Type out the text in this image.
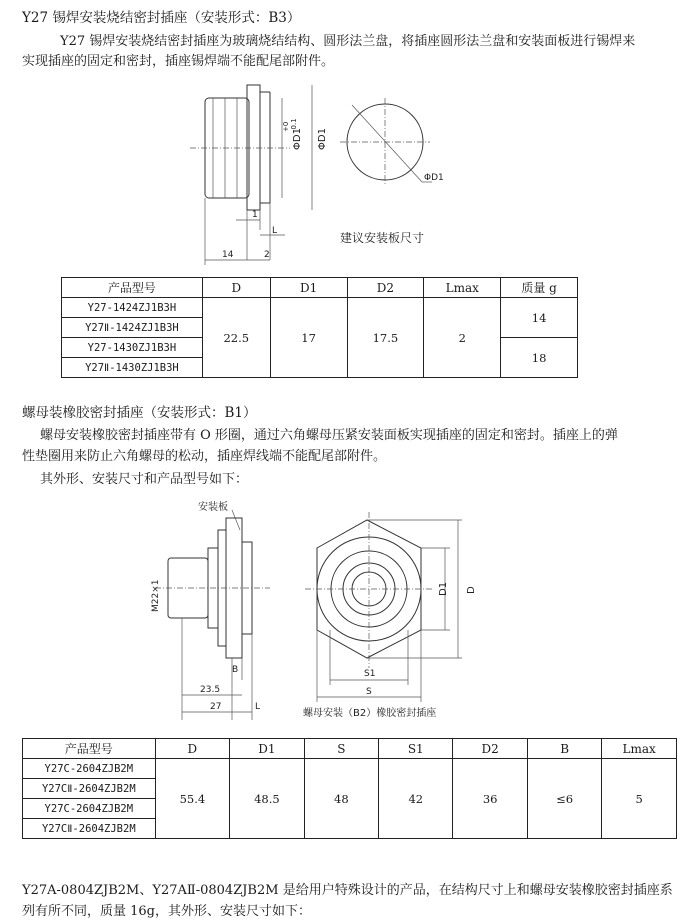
Y27 锡焊安装烧结密封插座（安装形式：B3）
Y27 锡焊安装烧结密封插座为玻璃烧结结构、圆形法兰盘，将插座圆形法兰盘和安装面板进行锡焊来
实现插座的固定和密封，插座锡焊端不能配尾部附件。
ΦD1
+0 -0.1
ΦD1
ΦD1
1
L
14	2
建议安装板尺寸
产品型号	D	D1	D2	Lmax	质量 g
Y27-1424ZJ1B3H	22.5	17	17.5	2	14
Y27Ⅱ-1424ZJ1B3H					
Y27-1430ZJ1B3H					18
Y27Ⅱ-1430ZJ1B3H					
螺母装橡胶密封插座（安装形式：B1）
螺母安装橡胶密封插座带有 O 形圈，通过六角螺母压紧安装面板实现插座的固定和密封。插座上的弹
性垫圈用来防止六角螺母的松动，插座焊线端不能配尾部附件。
其外形、安装尺寸和产品型号如下：
安装板
M22×1
B
23.5
27	L
D1 D
S1
S
螺母安装（B2）橡胶密封插座
产品型号	D	D1	S	S1	D2	B	Lmax
Y27C-2604ZJB2M	55.4	48.5	48	42	36	≤6	5
Y27CⅡ-2604ZJB2M							
Y27C-2604ZJB2M							
Y27CⅡ-2604ZJB2M							
Y27A-0804ZJB2M、Y27AⅡ-0804ZJB2M 是给用户特殊设计的产品，在结构尺寸上和螺母安装橡胶密封插座系
列有所不同，质量 16g，其外形、安装尺寸如下：
